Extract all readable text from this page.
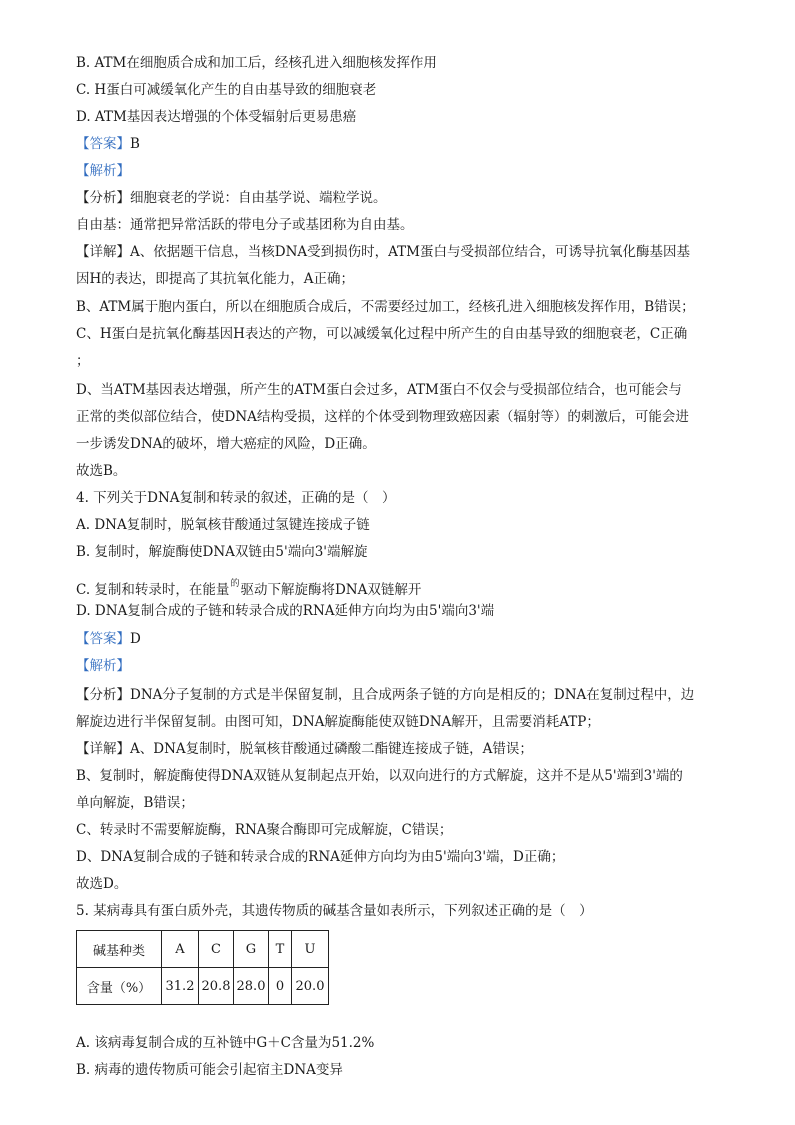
B. ATM在细胞质合成和加工后，经核孔进入细胞核发挥作用
C. H蛋白可减缓氧化产生的自由基导致的细胞衰老
D. ATM基因表达增强的个体受辐射后更易患癌
【答案】B
【解析】
【分析】细胞衰老的学说：自由基学说、端粒学说。
自由基：通常把异常活跃的带电分子或基团称为自由基。
【详解】A、依据题干信息，当核DNA受到损伤时，ATM蛋白与受损部位结合，可诱导抗氧化酶基因基
因H的表达，即提高了其抗氧化能力，A正确；
B、ATM属于胞内蛋白，所以在细胞质合成后，不需要经过加工，经核孔进入细胞核发挥作用，B错误；
C、H蛋白是抗氧化酶基因H表达的产物，可以减缓氧化过程中所产生的自由基导致的细胞衰老，C正确
；
D、当ATM基因表达增强，所产生的ATM蛋白会过多，ATM蛋白不仅会与受损部位结合，也可能会与
正常的类似部位结合，使DNA结构受损，这样的个体受到物理致癌因素（辐射等）的刺激后，可能会进
一步诱发DNA的破坏，增大癌症的风险，D正确。
故选B。
4. 下列关于DNA复制和转录的叙述，正确的是（　）
A. DNA复制时，脱氧核苷酸通过氢键连接成子链
B. 复制时，解旋酶使DNA双链由5'端向3'端解旋
C. 复制和转录时，在能量$^的$驱动下解旋酶将DNA双链解开
D. DNA复制合成的子链和转录合成的RNA延伸方向均为由5'端向3'端
【答案】D
【解析】
【分析】DNA分子复制的方式是半保留复制，且合成两条子链的方向是相反的；DNA在复制过程中，边
解旋边进行半保留复制。由图可知，DNA解旋酶能使双链DNA解开，且需要消耗ATP；
【详解】A、DNA复制时，脱氧核苷酸通过磷酸二酯键连接成子链，A错误；
B、复制时，解旋酶使得DNA双链从复制起点开始，以双向进行的方式解旋，这并不是从5'端到3'端的
单向解旋，B错误；
C、转录时不需要解旋酶，RNA聚合酶即可完成解旋，C错误；
D、DNA复制合成的子链和转录合成的RNA延伸方向均为由5'端向3'端，D正确；
故选D。
5. 某病毒具有蛋白质外壳，其遗传物质的碱基含量如表所示，下列叙述正确的是（　）
碱基种类	A	C	G	T	U
含量（%）	31.2	20.8	28.0	0	20.0
A. 该病毒复制合成的互补链中G＋C含量为51.2%
B. 病毒的遗传物质可能会引起宿主DNA变异
